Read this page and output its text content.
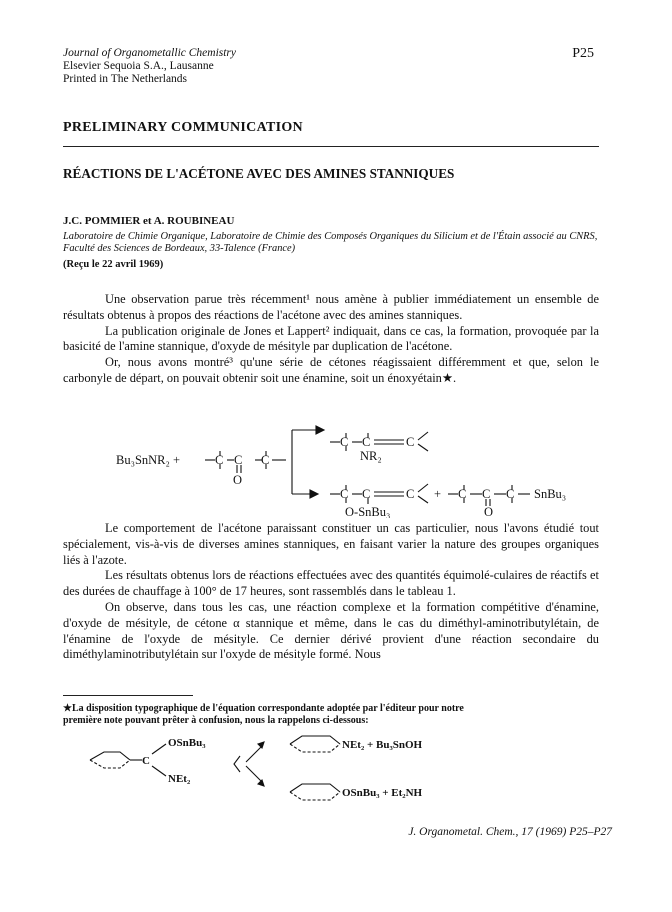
Journal of Organometallic Chemistry
Elsevier Sequoia S.A., Lausanne
Printed in The Netherlands
P25
PRELIMINARY COMMUNICATION
RÉACTIONS DE L'ACÉTONE AVEC DES AMINES STANNIQUES
J.C. POMMIER et A. ROUBINEAU
Laboratoire de Chimie Organique, Laboratoire de Chimie des Composés Organiques du Silicium et de l'Étain associé au CNRS, Faculté des Sciences de Bordeaux, 33-Talence (France)
(Reçu le 22 avril 1969)

Une observation parue très récemment¹ nous amène à publier immédiatement un ensemble de résultats obtenus à propos des réactions de l'acétone avec des amines stanniques.

La publication originale de Jones et Lappert² indiquait, dans ce cas, la formation, provoquée par la basicité de l'amine stannique, d'oxyde de mésityle par duplication de l'acétone.

Or, nous avons montré³ qu'une série de cétones réagissaient différemment et que, selon le carbonyle de départ, on pouvait obtenir soit une énamine, soit un énoxyétain★.

Bu₃SnNR₂ +	C C C
O
C C	C
NR₂
C C	C + C C C SnBu₃
O-SnBu₃	O

Le comportement de l'acétone paraissant constituer un cas particulier, nous l'avons étudié tout spécialement, vis-à-vis de diverses amines stanniques, en faisant varier la nature des groupes organiques liés à l'azote.

Les résultats obtenus lors de réactions effectuées avec des quantités équimolé-culaires de réactifs et des durées de chauffage à 100° de 17 heures, sont rassemblés dans le tableau 1.

On observe, dans tous les cas, une réaction complexe et la formation compétitive d'énamine, d'oxyde de mésityle, de cétone α stannique et même, dans le cas du diméthyl-aminotributylétain, de l'énamine de l'oxyde de mésityle. Ce dernier dérivé provient d'une réaction secondaire du diméthylaminotributylétain sur l'oxyde de mésityle formé. Nous

★La disposition typographique de l'équation correspondante adoptée par l'éditeur pour notre première note pouvant prêter à confusion, nous la rappelons ci-dessous:
C
OSnBu₃
NEt₂
NEt₂ + Bu₃SnOH
OSnBu₃ + Et₂NH
J. Organometal. Chem., 17 (1969) P25–P27
